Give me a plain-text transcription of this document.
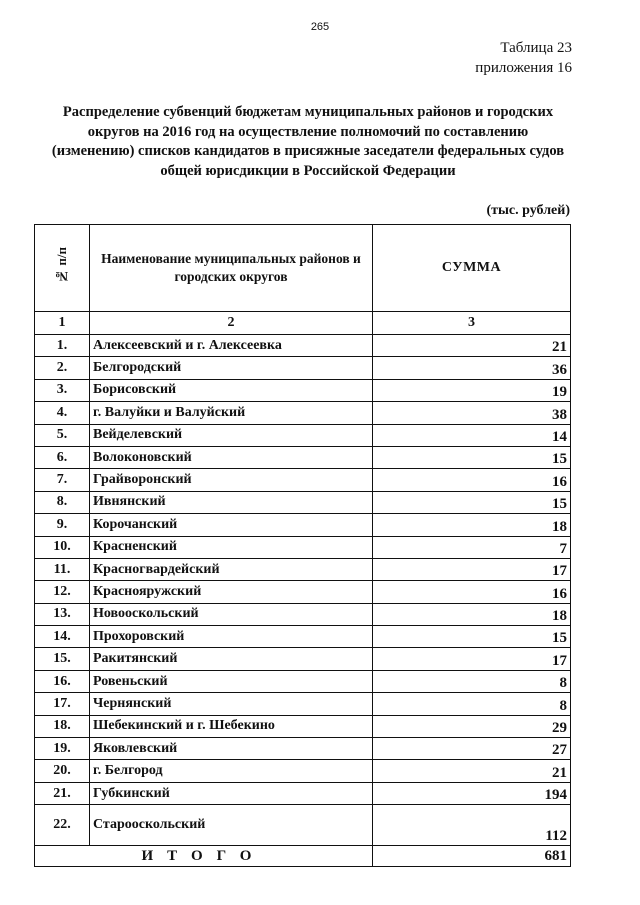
265
Таблица 23
приложения 16
Распределение субвенций бюджетам муниципальных районов и городских
округов на 2016 год на осуществление полномочий по составлению
(изменению) списков кандидатов в присяжные заседатели федеральных судов
общей юрисдикции в Российской Федерации
(тыс. рублей)
№ п/п	Наименование муниципальных районов и городских округов	СУММА
1	2	3
1.	Алексеевский и г. Алексеевка	21
2.	Белгородский	36
3.	Борисовский	19
4.	г. Валуйки и Валуйский	38
5.	Вейделевский	14
6.	Волоконовский	15
7.	Грайворонский	16
8.	Ивнянский	15
9.	Корочанский	18
10.	Красненский	7
11.	Красногвардейский	17
12.	Краснояружский	16
13.	Новооскольский	18
14.	Прохоровский	15
15.	Ракитянский	17
16.	Ровеньский	8
17.	Чернянский	8
18.	Шебекинский и г. Шебекино	29
19.	Яковлевский	27
20.	г. Белгород	21
21.	Губкинский	194
22.	Старооскольский	112
ИТОГО		681
